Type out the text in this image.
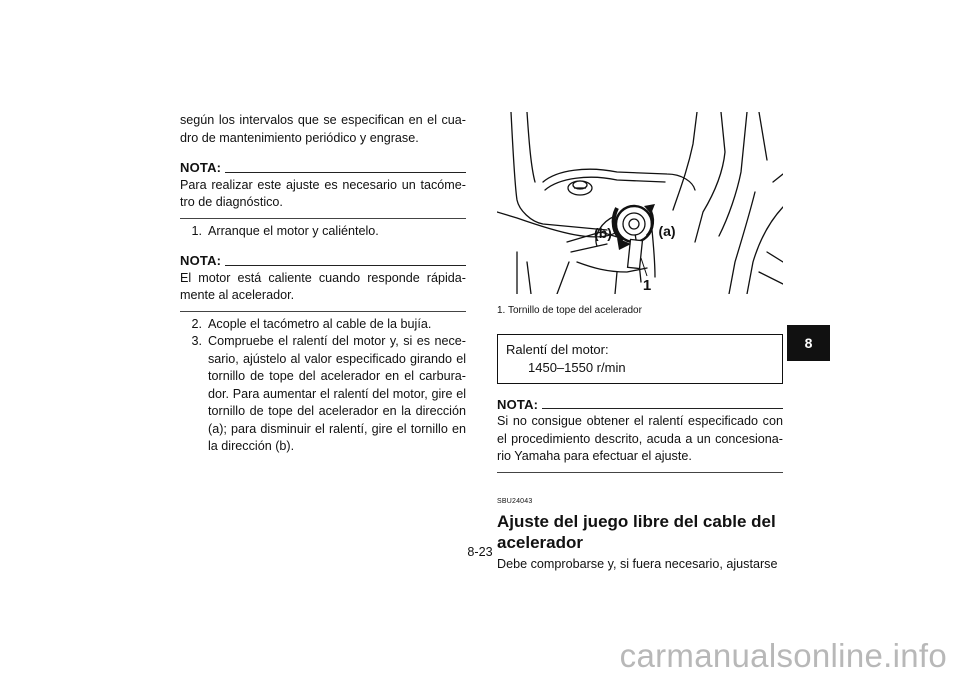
según los intervalos que se especifican en el cua- dro de mantenimiento periódico y engrase.

NOTA:

Para realizar este ajuste es necesario un tacóme- tro de diagnóstico.

1. Arranque el motor y caliéntelo.
NOTA:

El motor está caliente cuando responde rápida- mente al acelerador.

2. Acople el tacómetro al cable de la bujía.
3. Compruebe el ralentí del motor y, si es nece- sario, ajústelo al valor especificado girando el tornillo de tope del acelerador en el carbura- dor. Para aumentar el ralentí del motor, gire el tornillo de tope del acelerador en la dirección (a); para disminuir el ralentí, gire el tornillo en la dirección (b).
(b)	(a)
1

1. Tornillo de tope del acelerador

Ralentí del motor:
1450–1550 r/min
NOTA:

Si no consigue obtener el ralentí especificado con el procedimiento descrito, acuda a un concesiona- rio Yamaha para efectuar el ajuste.

SBU24043
Ajuste del juego libre del cable del acelerador

Debe comprobarse y, si fuera necesario, ajustarse

8
8-23
carmanualsonline.info
